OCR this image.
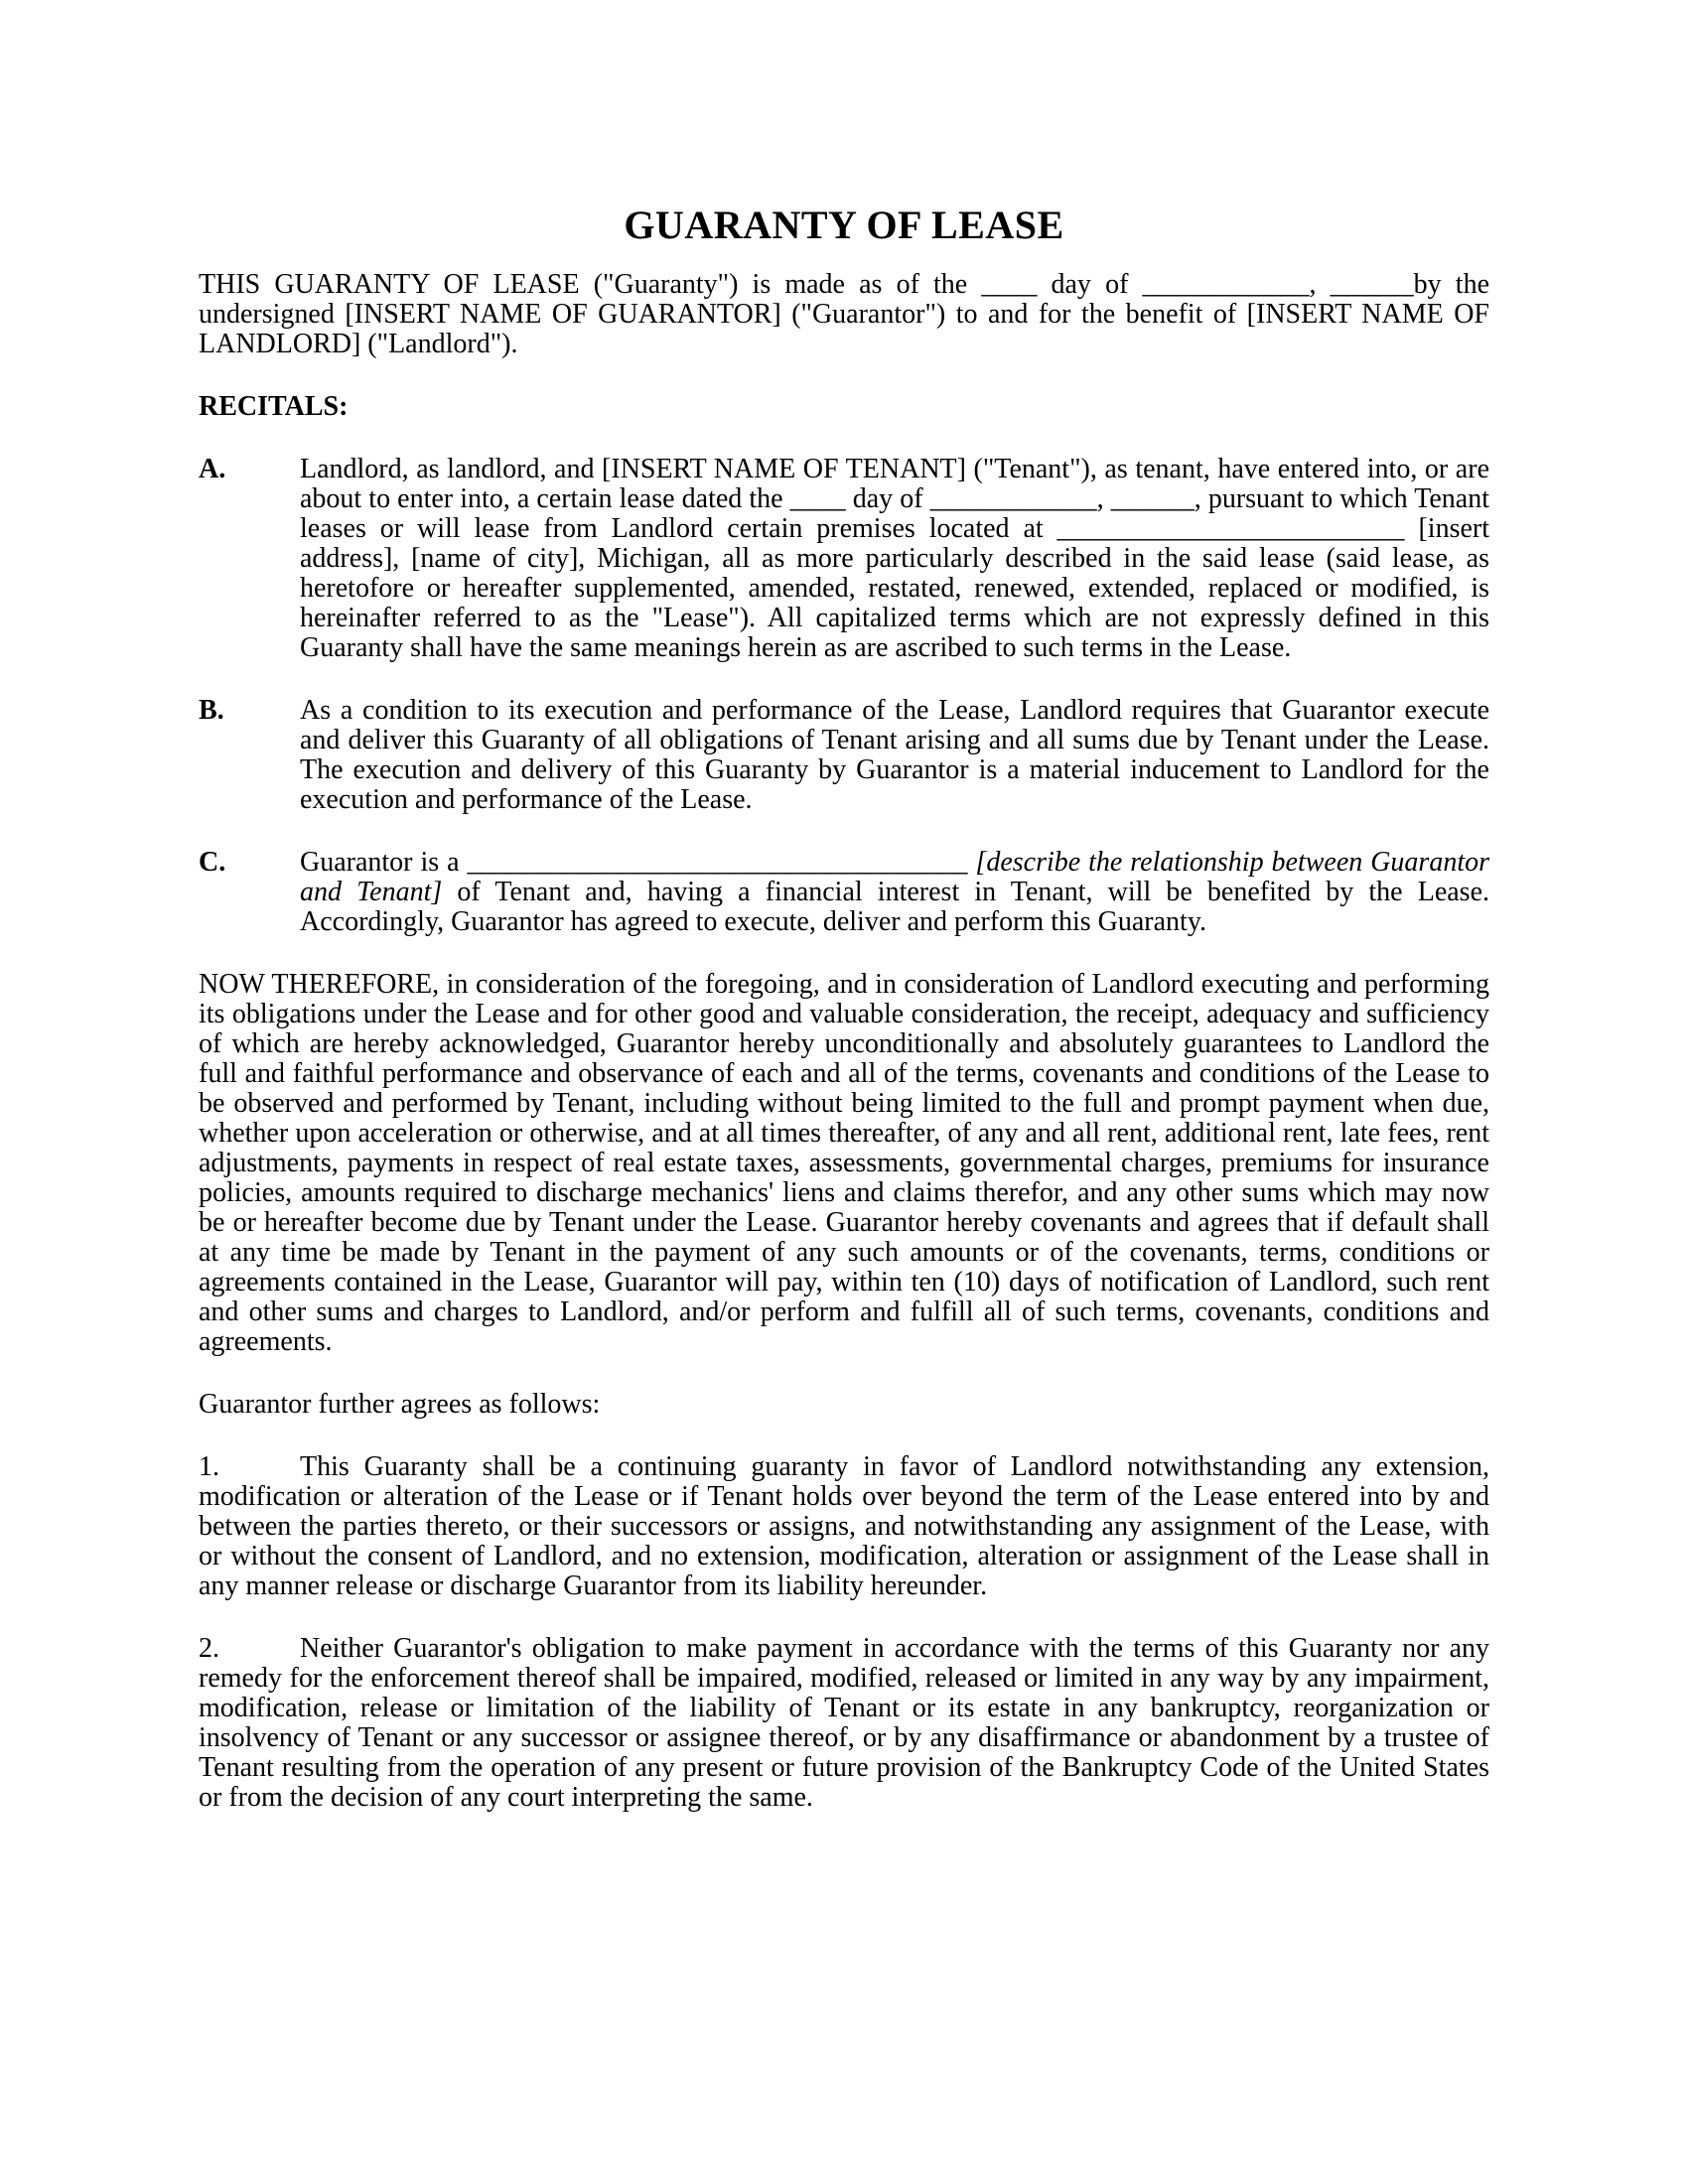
GUARANTY OF LEASE

THIS GUARANTY OF LEASE ("Guaranty") is made as of the ____ day of ____________, ______by the undersigned [INSERT NAME OF GUARANTOR] ("Guarantor") to and for the benefit of [INSERT NAME OF LANDLORD] ("Landlord").

RECITALS:

A.	Landlord, as landlord, and [INSERT NAME OF TENANT] ("Tenant"), as tenant, have entered into, or are about to enter into, a certain lease dated the ____ day of ____________, ______, pursuant to which Tenant leases or will lease from Landlord certain premises located at _________________________ [insert address], [name of city], Michigan, all as more particularly described in the said lease (said lease, as heretofore or hereafter supplemented, amended, restated, renewed, extended, replaced or modified, is hereinafter referred to as the "Lease"). All capitalized terms which are not expressly defined in this Guaranty shall have the same meanings herein as are ascribed to such terms in the Lease.
B.	As a condition to its execution and performance of the Lease, Landlord requires that Guarantor execute and deliver this Guaranty of all obligations of Tenant arising and all sums due by Tenant under the Lease. The execution and delivery of this Guaranty by Guarantor is a material inducement to Landlord for the execution and performance of the Lease.
C.	Guarantor is a ____________________________________ [describe the relationship between Guarantor and Tenant] of Tenant and, having a financial interest in Tenant, will be benefited by the Lease. Accordingly, Guarantor has agreed to execute, deliver and perform this Guaranty.

NOW THEREFORE, in consideration of the foregoing, and in consideration of Landlord executing and performing its obligations under the Lease and for other good and valuable consideration, the receipt, adequacy and sufficiency of which are hereby acknowledged, Guarantor hereby unconditionally and absolutely guarantees to Landlord the full and faithful performance and observance of each and all of the terms, covenants and conditions of the Lease to be observed and performed by Tenant, including without being limited to the full and prompt payment when due, whether upon acceleration or otherwise, and at all times thereafter, of any and all rent, additional rent, late fees, rent adjustments, payments in respect of real estate taxes, assessments, governmental charges, premiums for insurance policies, amounts required to discharge mechanics' liens and claims therefor, and any other sums which may now be or hereafter become due by Tenant under the Lease. Guarantor hereby covenants and agrees that if default shall at any time be made by Tenant in the payment of any such amounts or of the covenants, terms, conditions or agreements contained in the Lease, Guarantor will pay, within ten (10) days of notification of Landlord, such rent and other sums and charges to Landlord, and/or perform and fulfill all of such terms, covenants, conditions and agreements.

Guarantor further agrees as follows:

1.	This Guaranty shall be a continuing guaranty in favor of Landlord notwithstanding any extension, modification or alteration of the Lease or if Tenant holds over beyond the term of the Lease entered into by and between the parties thereto, or their successors or assigns, and notwithstanding any assignment of the Lease, with or without the consent of Landlord, and no extension, modification, alteration or assignment of the Lease shall in any manner release or discharge Guarantor from its liability hereunder.

2.	Neither Guarantor's obligation to make payment in accordance with the terms of this Guaranty nor any remedy for the enforcement thereof shall be impaired, modified, released or limited in any way by any impairment, modification, release or limitation of the liability of Tenant or its estate in any bankruptcy, reorganization or insolvency of Tenant or any successor or assignee thereof, or by any disaffirmance or abandonment by a trustee of Tenant resulting from the operation of any present or future provision of the Bankruptcy Code of the United States or from the decision of any court interpreting the same.
